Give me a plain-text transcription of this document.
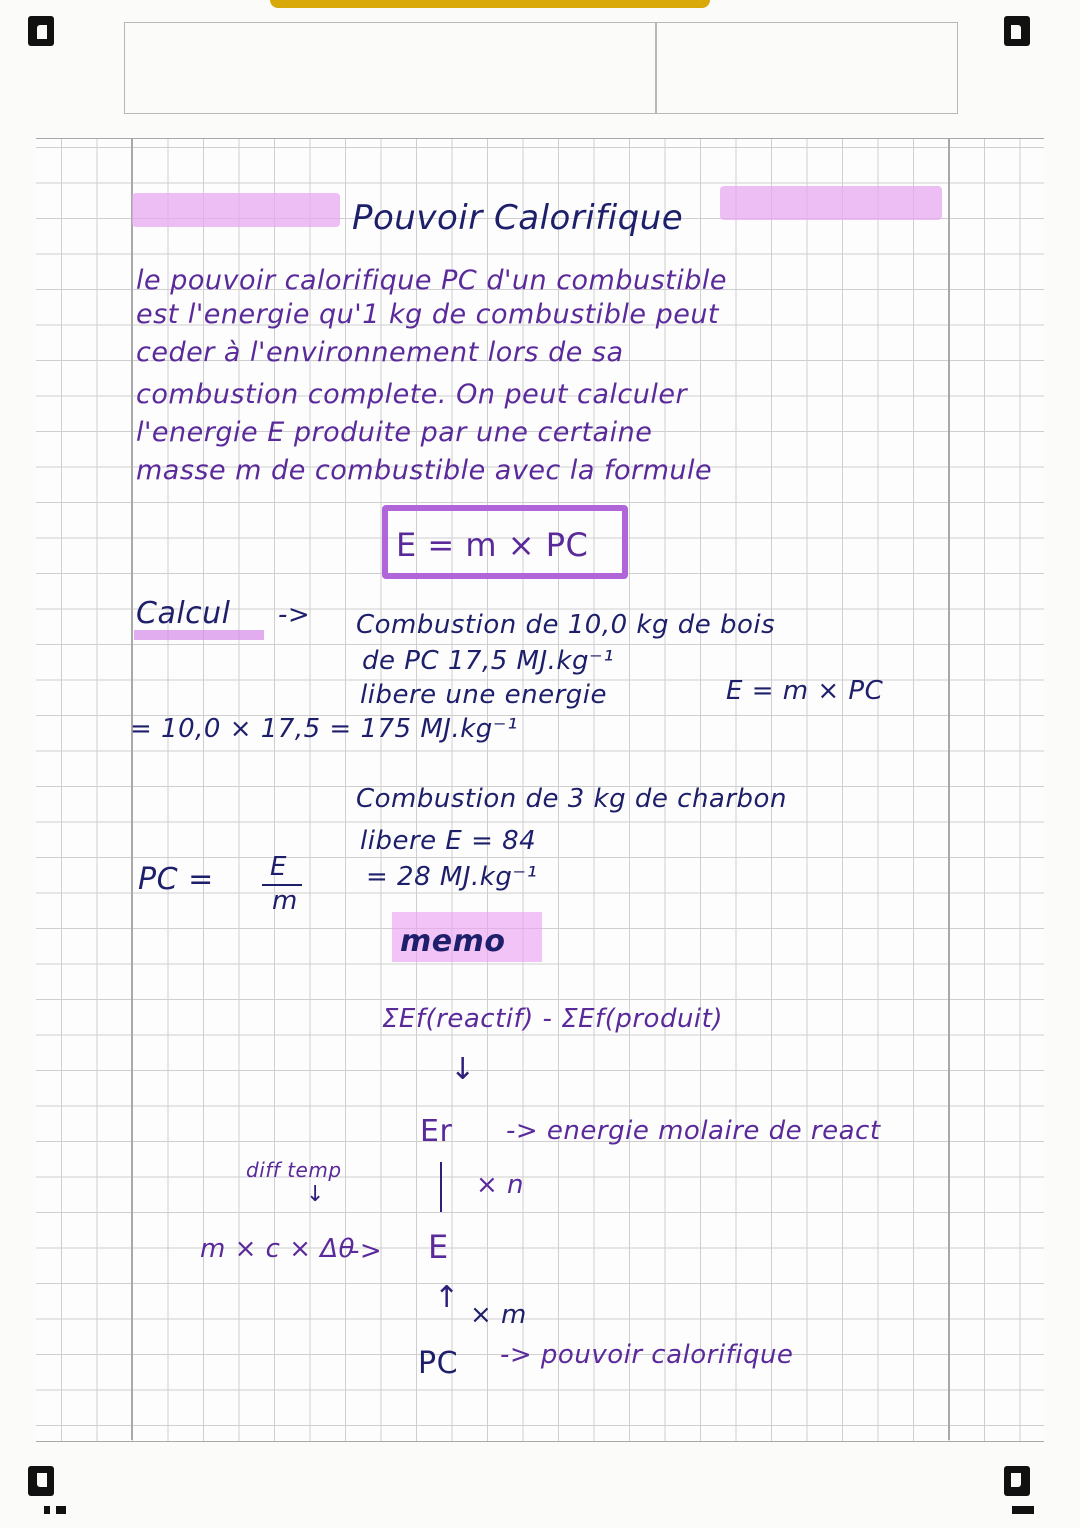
Pouvoir Calorifique
le pouvoir calorifique PC d'un combustible
est l'energie qu'1 kg de combustible peut
ceder à l'environnement lors de sa
combustion complete. On peut calculer
l'energie E produite par une certaine
masse m de combustible avec la formule
E = m × PC
Calcul -> Combustion de 10,0 kg de bois
de PC 17,5 MJ.kg⁻¹
libere une energie	E = m × PC
= 10,0 × 17,5 = 175 MJ.kg⁻¹
Combustion de 3 kg de charbon
libere E = 84
PC = E
m
= 28 MJ.kg⁻¹
memo
ΣEf(reactif) - ΣEf(produit)
↓
Er -> energie molaire de react
diff temp
↓	× n
m × c × Δθ
-> E
↑ × m
PC -> pouvoir calorifique
